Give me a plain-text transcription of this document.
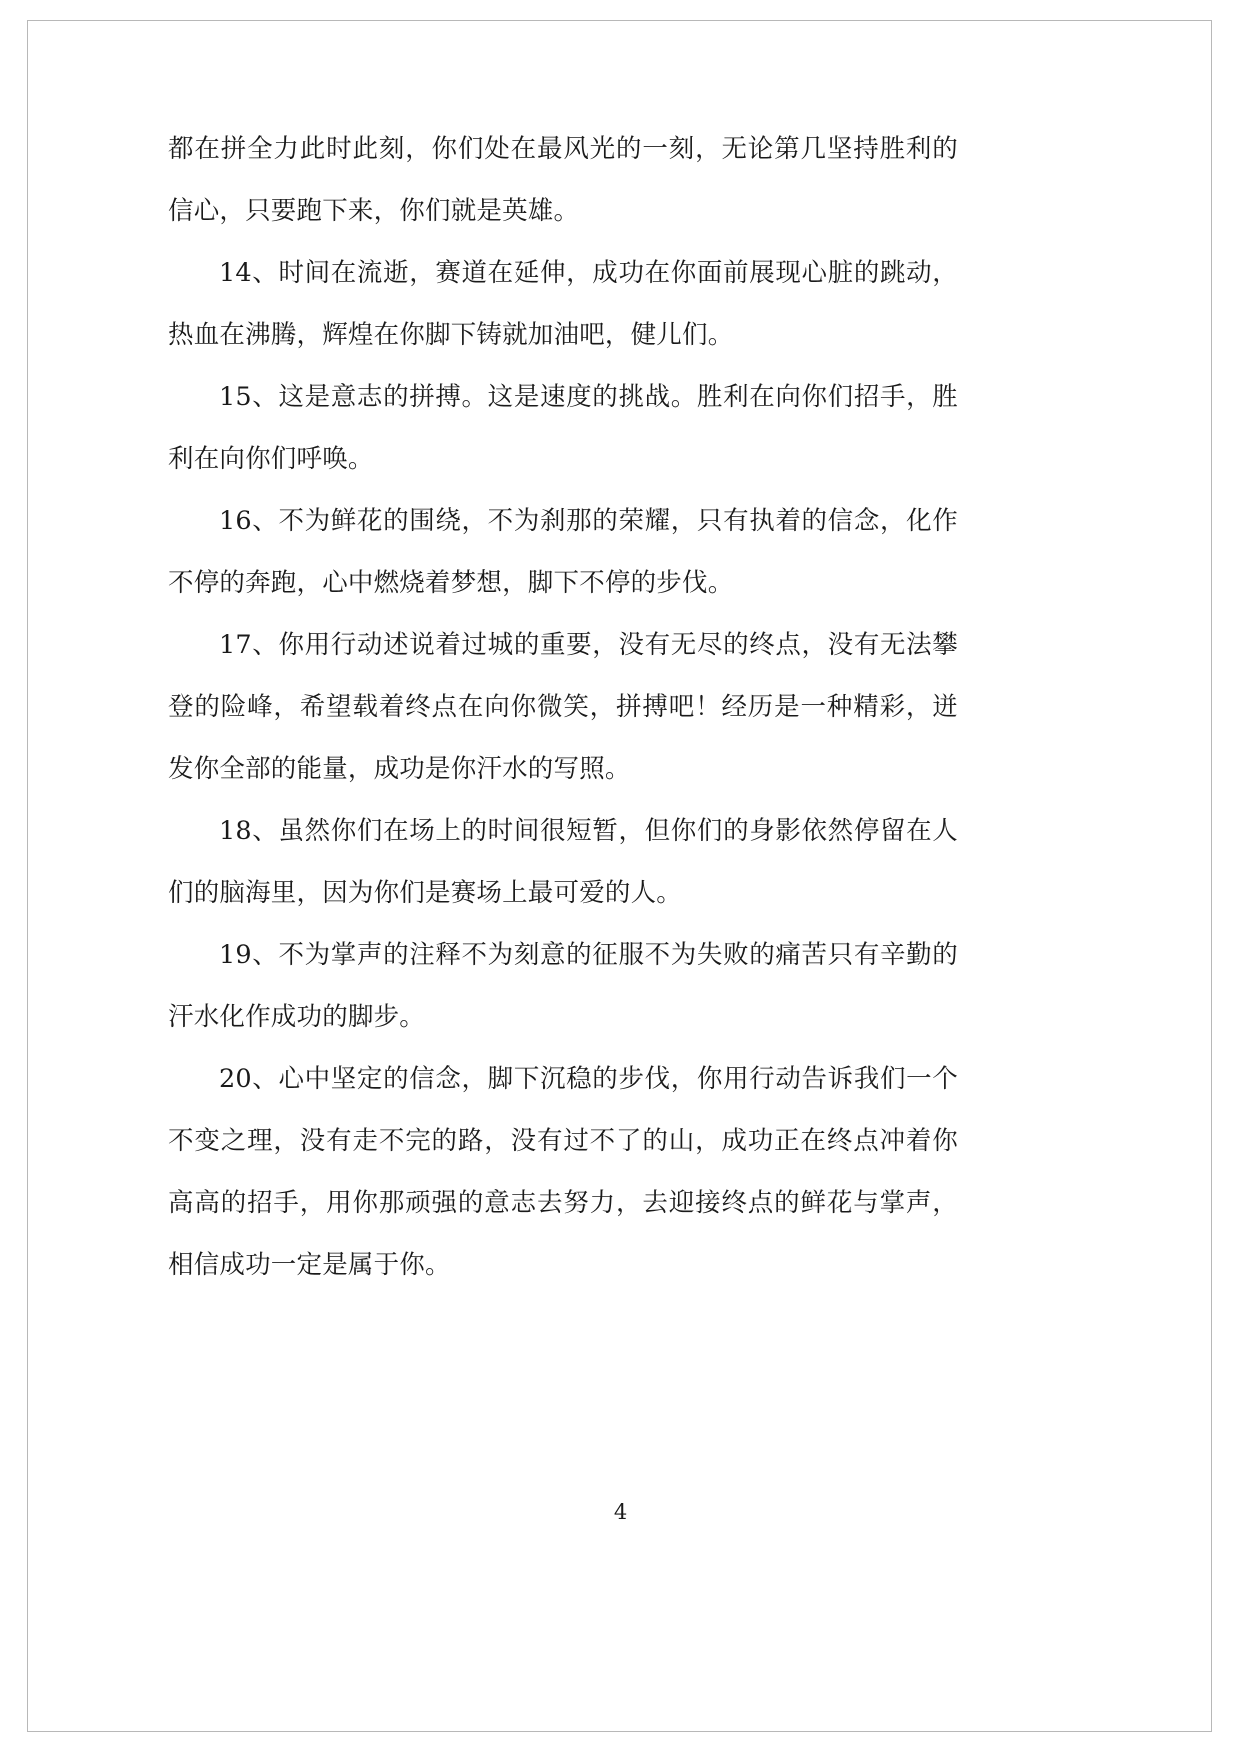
都在拼全力此时此刻，你们处在最风光的一刻，无论第几坚持胜利的信心，只要跑下来，你们就是英雄。

14、时间在流逝，赛道在延伸，成功在你面前展现心脏的跳动，热血在沸腾，辉煌在你脚下铸就加油吧，健儿们。

15、这是意志的拼搏。这是速度的挑战。胜利在向你们招手，胜利在向你们呼唤。

16、不为鲜花的围绕，不为刹那的荣耀，只有执着的信念，化作不停的奔跑，心中燃烧着梦想，脚下不停的步伐。

17、你用行动述说着过城的重要，没有无尽的终点，没有无法攀登的险峰，希望载着终点在向你微笑，拼搏吧！经历是一种精彩，迸发你全部的能量，成功是你汗水的写照。

18、虽然你们在场上的时间很短暂，但你们的身影依然停留在人们的脑海里，因为你们是赛场上最可爱的人。

19、不为掌声的注释不为刻意的征服不为失败的痛苦只有辛勤的汗水化作成功的脚步。

20、心中坚定的信念，脚下沉稳的步伐，你用行动告诉我们一个不变之理，没有走不完的路，没有过不了的山，成功正在终点冲着你高高的招手，用你那顽强的意志去努力，去迎接终点的鲜花与掌声，相信成功一定是属于你。

4
